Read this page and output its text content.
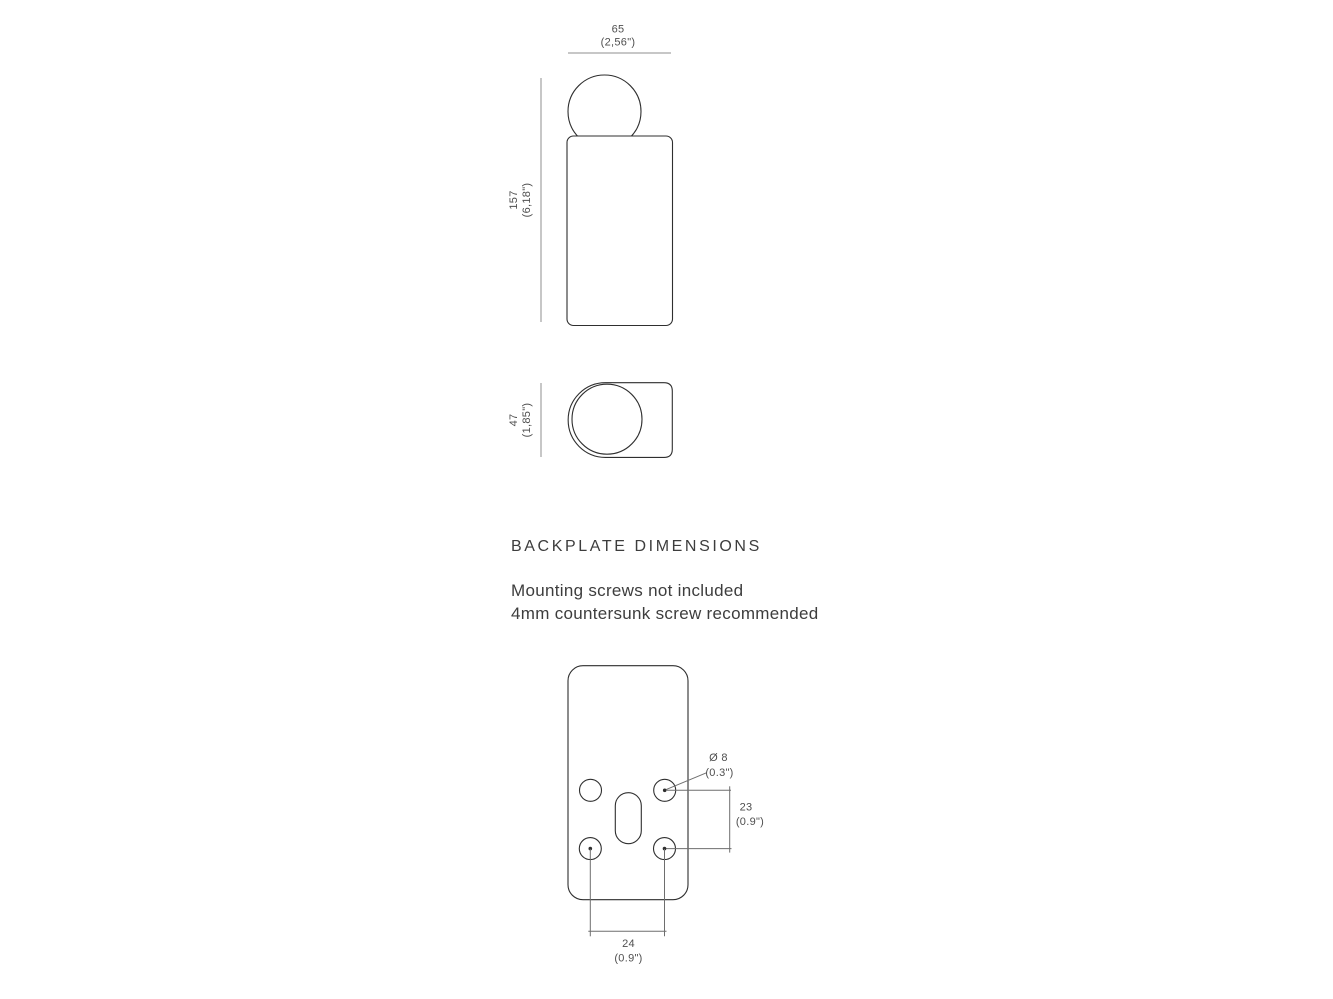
65
(2,56")
157 (6,18")
47 (1,85")
Ø 8
(0.3")
23
(0.9")
24
(0.9")
BACKPLATE DIMENSIONS
Mounting screws not included
4mm countersunk screw recommended
